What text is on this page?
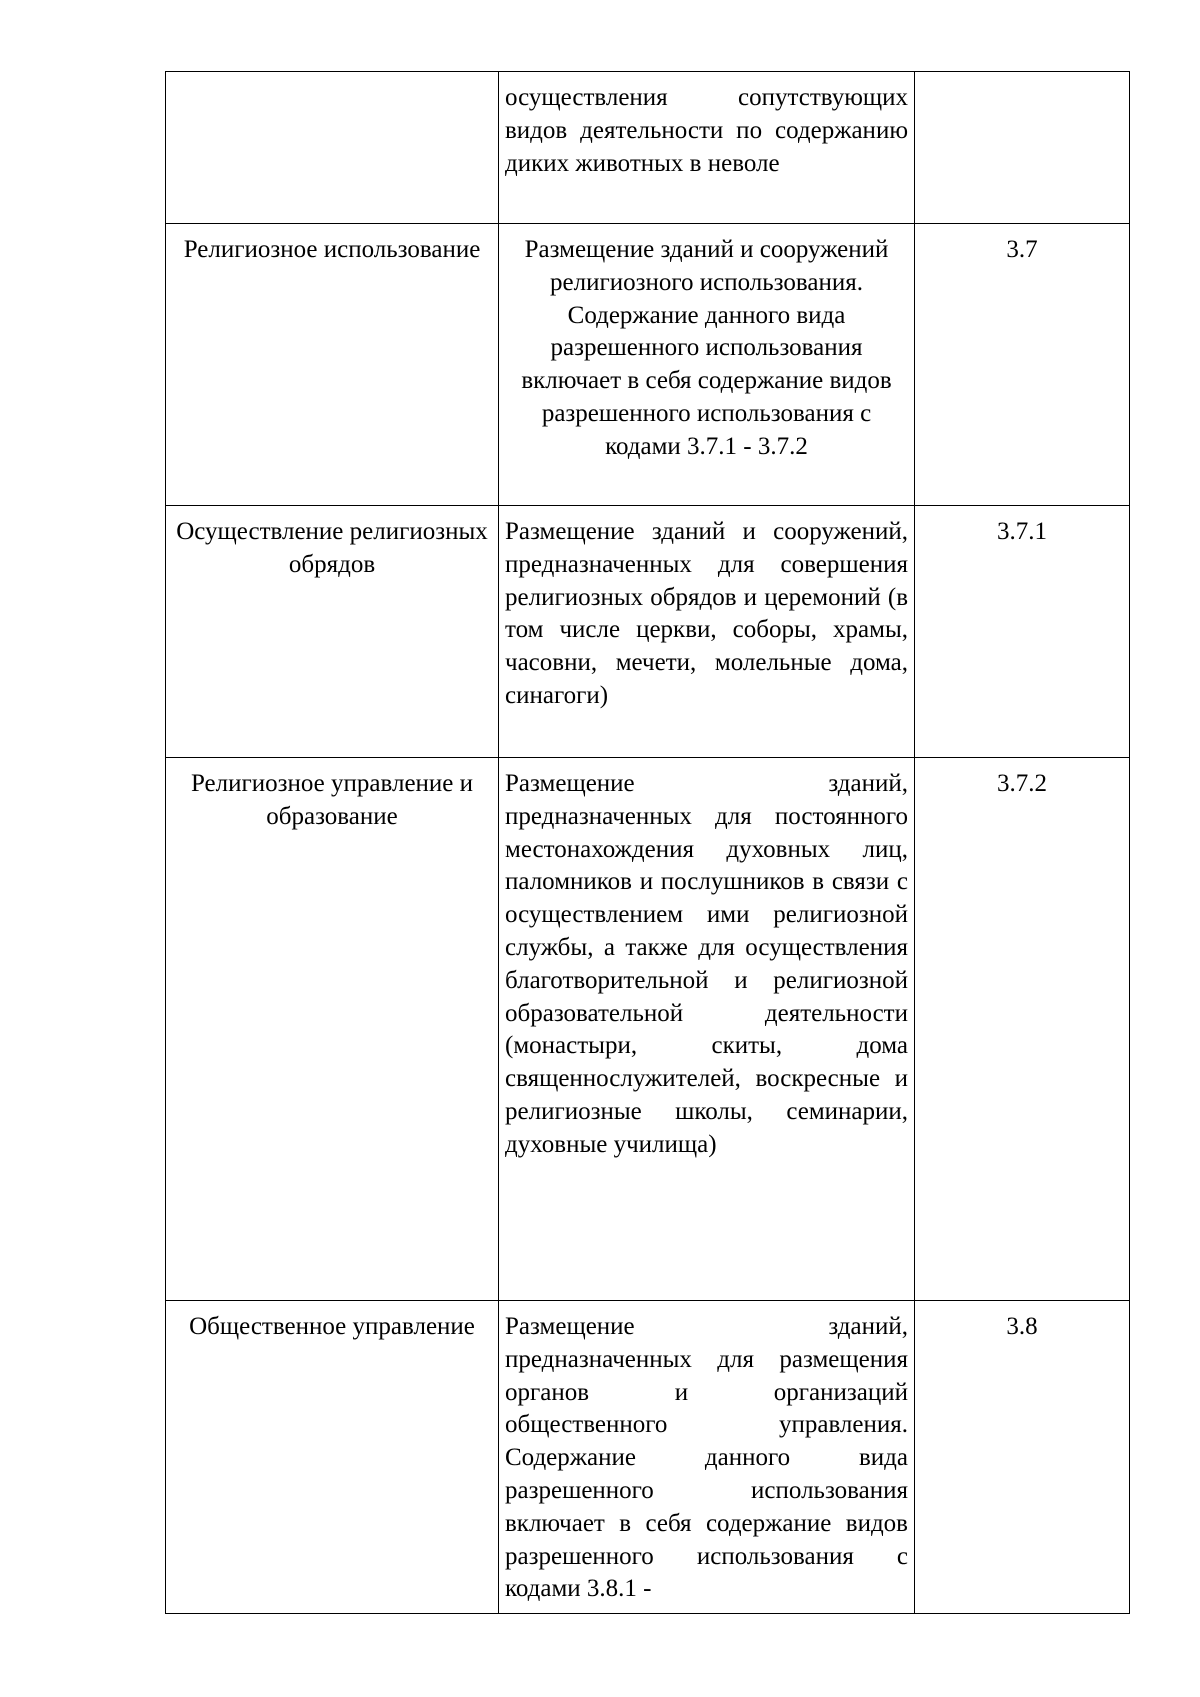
	осуществления сопутствующих видов деятельности по содержанию диких животных в неволе	
Религиозное использование	Размещение зданий и сооружений религиозного использования. Содержание данного вида разрешенного использования включает в себя содержание видов разрешенного использования с кодами 3.7.1 - 3.7.2	3.7
Осуществление религиозных обрядов	Размещение зданий и сооружений, предназначенных для совершения религиозных обрядов и церемоний (в том числе церкви, соборы, храмы, часовни, мечети, молельные дома, синагоги)	3.7.1
Религиозное управление и образование	Размещение зданий, предназначенных для постоянного местонахождения духовных лиц, паломников и послушников в связи с осуществлением ими религиозной службы, а также для осуществления благотворительной и религиозной образовательной деятельности (монастыри, скиты, дома священнослужителей, воскресные и религиозные школы, семинарии, духовные училища)	3.7.2
Общественное управление	Размещение зданий, предназначенных для размещения органов и организаций общественного управления. Содержание данного вида разрешенного использования включает в себя содержание видов разрешенного использования с кодами 3.8.1 -	3.8
